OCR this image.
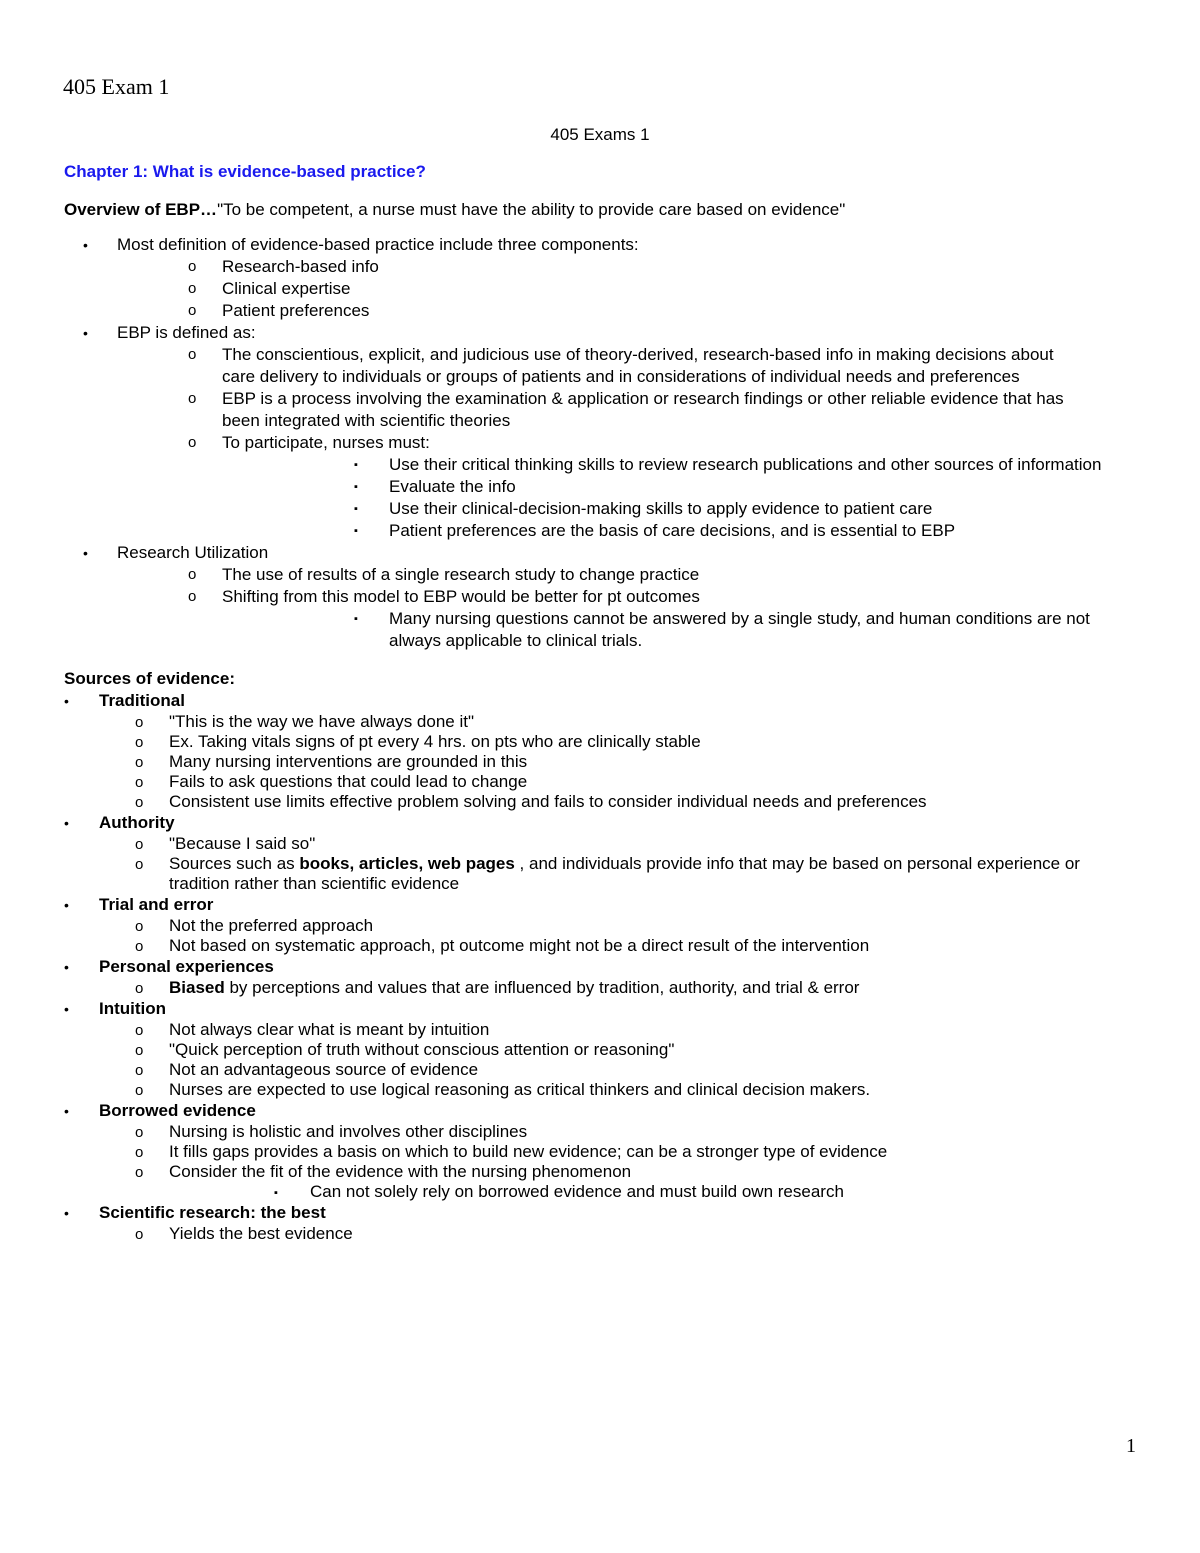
405 Exam 1
405 Exams 1

Chapter 1: What is evidence-based practice?

Overview of EBP…"To be competent, a nurse must have the ability to provide care based on evidence"

• Most definition of evidence-based practice include three components:
o Research-based info
o Clinical expertise
o Patient preferences
• EBP is defined as:
o The conscientious, explicit, and judicious use of theory-derived, research-based info in making decisions about care delivery to individuals or groups of patients and in considerations of individual needs and preferences
o EBP is a process involving the examination & application or research findings or other reliable evidence that has been integrated with scientific theories
o To participate, nurses must:
▪ Use their critical thinking skills to review research publications and other sources of information
▪ Evaluate the info
▪ Use their clinical-decision-making skills to apply evidence to patient care
▪ Patient preferences are the basis of care decisions, and is essential to EBP
• Research Utilization
o The use of results of a single research study to change practice
o Shifting from this model to EBP would be better for pt outcomes
▪ Many nursing questions cannot be answered by a single study, and human conditions are not always applicable to clinical trials.

Sources of evidence:

• Traditional
o "This is the way we have always done it"
o Ex. Taking vitals signs of pt every 4 hrs. on pts who are clinically stable
o Many nursing interventions are grounded in this
o Fails to ask questions that could lead to change
o Consistent use limits effective problem solving and fails to consider individual needs and preferences
• Authority
o "Because I said so"
o Sources such as books, articles, web pages , and individuals provide info that may be based on personal experience or tradition rather than scientific evidence
• Trial and error
o Not the preferred approach
o Not based on systematic approach, pt outcome might not be a direct result of the intervention
• Personal experiences
o Biased by perceptions and values that are influenced by tradition, authority, and trial & error
• Intuition
o Not always clear what is meant by intuition
o "Quick perception of truth without conscious attention or reasoning"
o Not an advantageous source of evidence
o Nurses are expected to use logical reasoning as critical thinkers and clinical decision makers.
• Borrowed evidence
o Nursing is holistic and involves other disciplines
o It fills gaps provides a basis on which to build new evidence; can be a stronger type of evidence
o Consider the fit of the evidence with the nursing phenomenon
▪ Can not solely rely on borrowed evidence and must build own research
• Scientific research: the best
o Yields the best evidence
1
